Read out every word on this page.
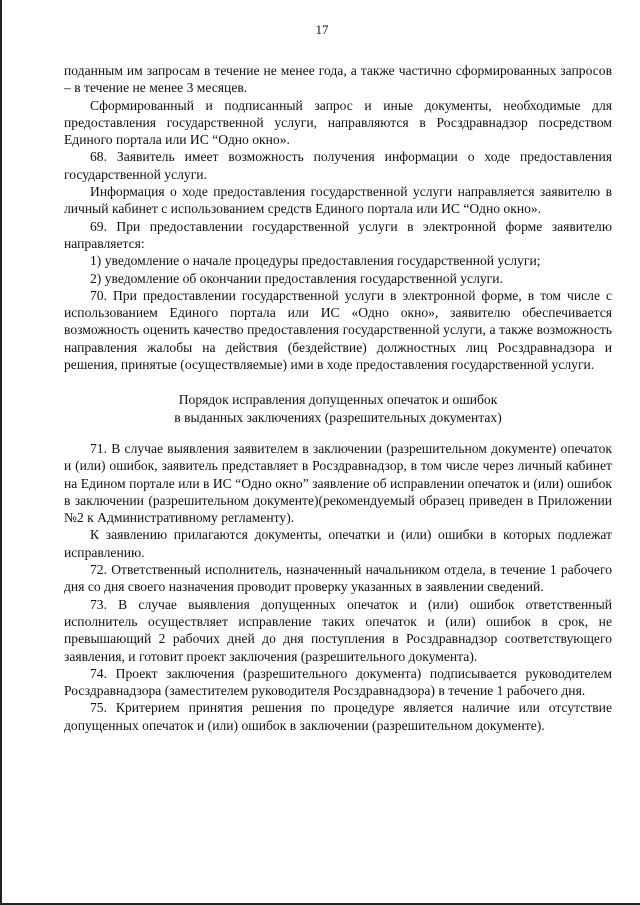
17

поданным им запросам в течение не менее года, а также частично сформированных запросов – в течение не менее 3 месяцев.

Сформированный и подписанный запрос и иные документы, необходимые для предоставления государственной услуги, направляются в Росздравнадзор посредством Единого портала или ИС “Одно окно».

68. Заявитель имеет возможность получения информации о ходе предоставления государственной услуги.

Информация о ходе предоставления государственной услуги направляется заявителю в личный кабинет с использованием средств Единого портала или ИС “Одно окно».

69. При предоставлении государственной услуги в электронной форме заявителю направляется:

1) уведомление о начале процедуры предоставления государственной услуги;

2) уведомление об окончании предоставления государственной услуги.

70. При предоставлении государственной услуги в электронной форме, в том числе с использованием Единого портала или ИС «Одно окно», заявителю обеспечивается возможность оценить качество предоставления государственной услуги, а также возможность направления жалобы на действия (бездействие) должностных лиц Росздравнадзора и решения, принятые (осуществляемые) ими в ходе предоставления государственной услуги.

Порядок исправления допущенных опечаток и ошибок
в выданных заключениях (разрешительных документах)

71. В случае выявления заявителем в заключении (разрешительном документе) опечаток и (или) ошибок, заявитель представляет в Росздравнадзор, в том числе через личный кабинет на Едином портале или в ИС “Одно окно” заявление об исправлении опечаток и (или) ошибок в заключении (разрешительном документе)(рекомендуемый образец приведен в Приложении №2 к Административному регламенту).

К заявлению прилагаются документы, опечатки и (или) ошибки в которых подлежат исправлению.

72. Ответственный исполнитель, назначенный начальником отдела, в течение 1 рабочего дня со дня своего назначения проводит проверку указанных в заявлении сведений.

73. В случае выявления допущенных опечаток и (или) ошибок ответственный исполнитель осуществляет исправление таких опечаток и (или) ошибок в срок, не превышающий 2 рабочих дней до дня поступления в Росздравнадзор соответствующего заявления, и готовит проект заключения (разрешительного документа).

74. Проект заключения (разрешительного документа) подписывается руководителем Росздравнадзора (заместителем руководителя Росздравнадзора) в течение 1 рабочего дня.

75. Критерием принятия решения по процедуре является наличие или отсутствие допущенных опечаток и (или) ошибок в заключении (разрешительном документе).
